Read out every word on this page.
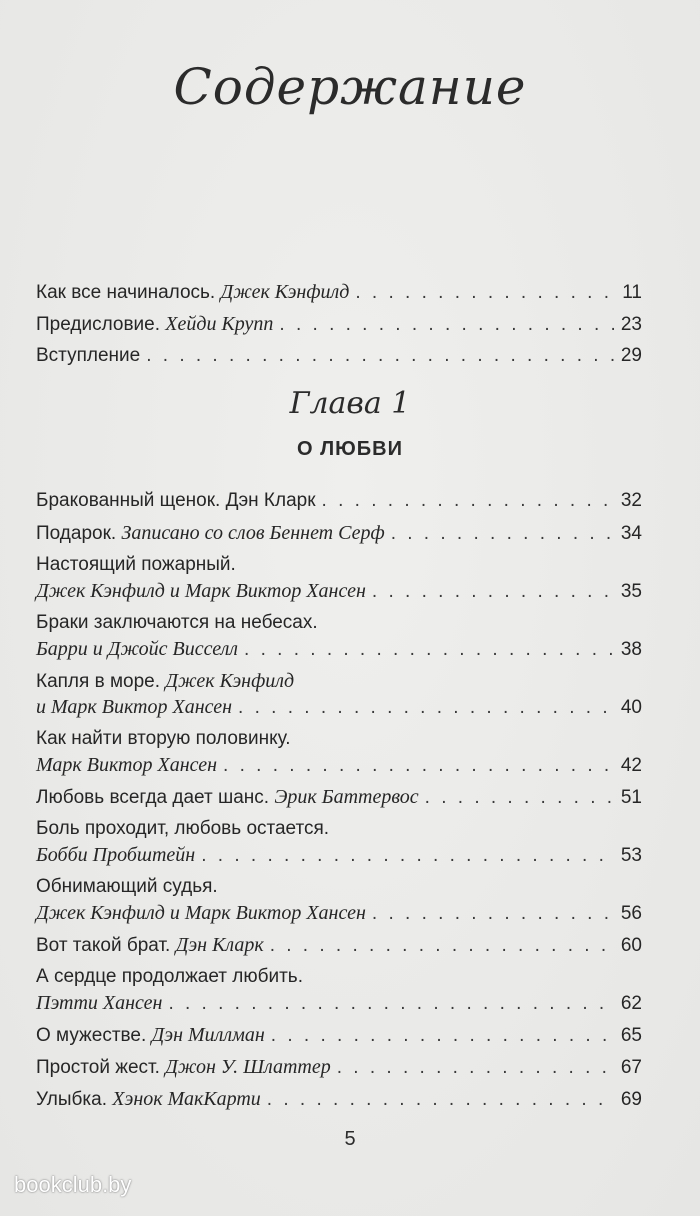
Содержание
Как все начиналось. Джек Кэнфилд . . .	11
Предисловие. Хейди Крупп . . .	23
Вступление . . .	29
Глава 1
О ЛЮБВИ
Бракованный щенок. Дэн Кларк . . .	32
Подарок. Записано со слов Беннет Серф . . .	34
Настоящий пожарный.
Джек Кэнфилд и Марк Виктор Хансен . . .	35
Браки заключаются на небесах.
Барри и Джойс Висселл . . .	38
Капля в море. Джек Кэнфилд
и Марк Виктор Хансен . . .	40
Как найти вторую половинку.
Марк Виктор Хансен . . .	42
Любовь всегда дает шанс. Эрик Баттервос . . .	51
Боль проходит, любовь остается.
Бобби Пробштейн . . .	53
Обнимающий судья.
Джек Кэнфилд и Марк Виктор Хансен . . .	56
Вот такой брат. Дэн Кларк . . .	60
А сердце продолжает любить.
Пэтти Хансен . . .	62
О мужестве. Дэн Миллман . . .	65
Простой жест. Джон У. Шлаттер . . .	67
Улыбка. Хэнок МакКарти . . .	69
5
bookclub.by
